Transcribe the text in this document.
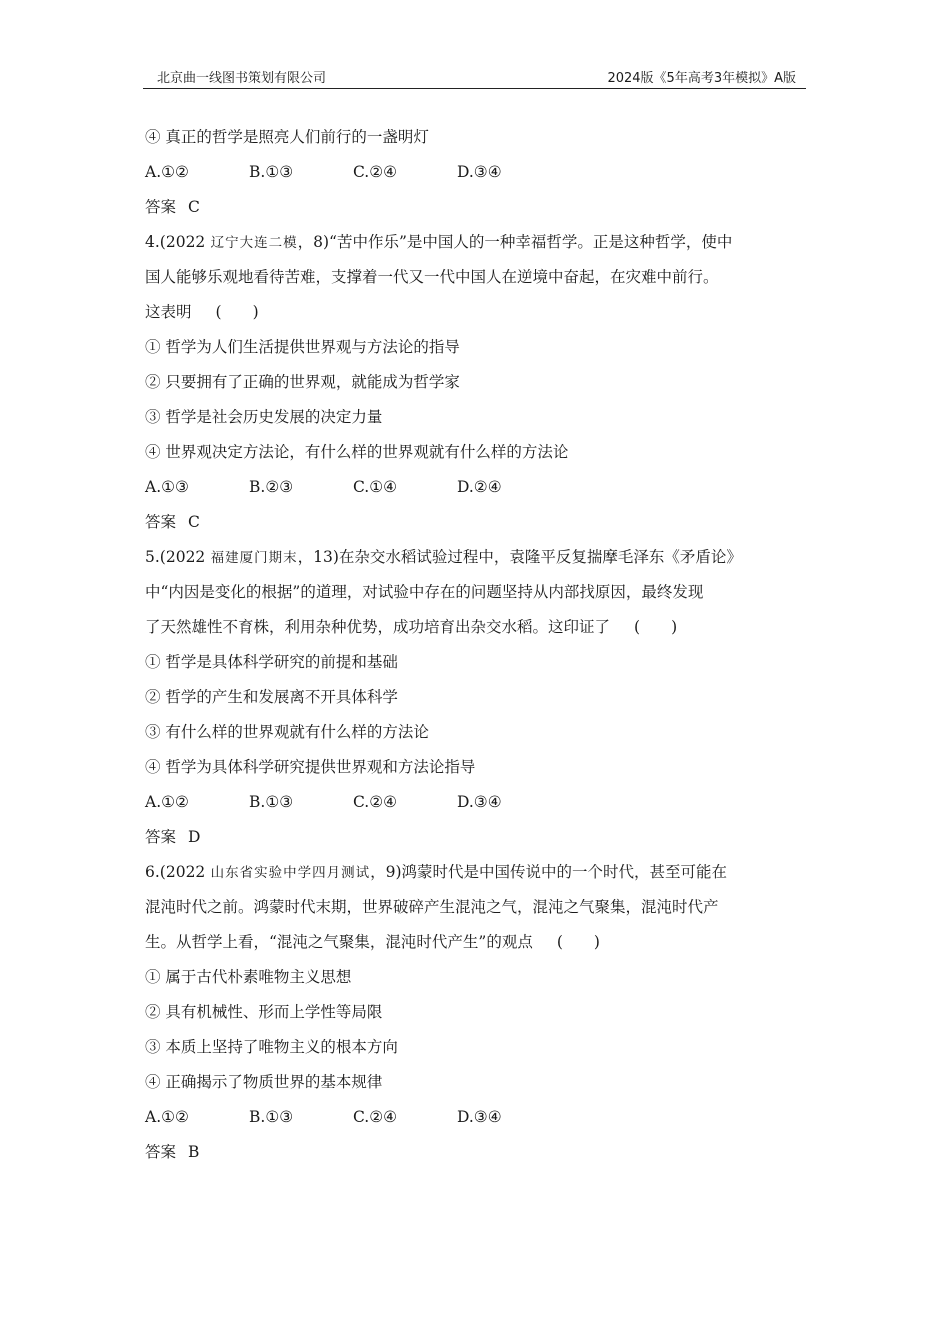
北京曲一线图书策划有限公司	2024版《5年高考3年模拟》A版
④ 真正的哲学是照亮人们前行的一盏明灯
A.①②	B.①③	C.②④	D.③④
答案 C
4.(2022 辽宁大连二模，8)“苦中作乐”是中国人的一种幸福哲学。正是这种哲学，使中
国人能够乐观地看待苦难，支撑着一代又一代中国人在逆境中奋起，在灾难中前行。
这表明 (　　)
① 哲学为人们生活提供世界观与方法论的指导
② 只要拥有了正确的世界观，就能成为哲学家
③ 哲学是社会历史发展的决定力量
④ 世界观决定方法论，有什么样的世界观就有什么样的方法论
A.①③	B.②③	C.①④	D.②④
答案 C
5.(2022 福建厦门期末，13)在杂交水稻试验过程中，袁隆平反复揣摩毛泽东《矛盾论》
中“内因是变化的根据”的道理，对试验中存在的问题坚持从内部找原因，最终发现
了天然雄性不育株，利用杂种优势，成功培育出杂交水稻。这印证了 (　　)
① 哲学是具体科学研究的前提和基础
② 哲学的产生和发展离不开具体科学
③ 有什么样的世界观就有什么样的方法论
④ 哲学为具体科学研究提供世界观和方法论指导
A.①②	B.①③	C.②④	D.③④
答案 D
6.(2022 山东省实验中学四月测试，9)鸿蒙时代是中国传说中的一个时代，甚至可能在
混沌时代之前。鸿蒙时代末期，世界破碎产生混沌之气，混沌之气聚集，混沌时代产
生。从哲学上看，“混沌之气聚集，混沌时代产生”的观点 (　　)
① 属于古代朴素唯物主义思想
② 具有机械性、形而上学性等局限
③ 本质上坚持了唯物主义的根本方向
④ 正确揭示了物质世界的基本规律
A.①②	B.①③	C.②④	D.③④
答案 B
